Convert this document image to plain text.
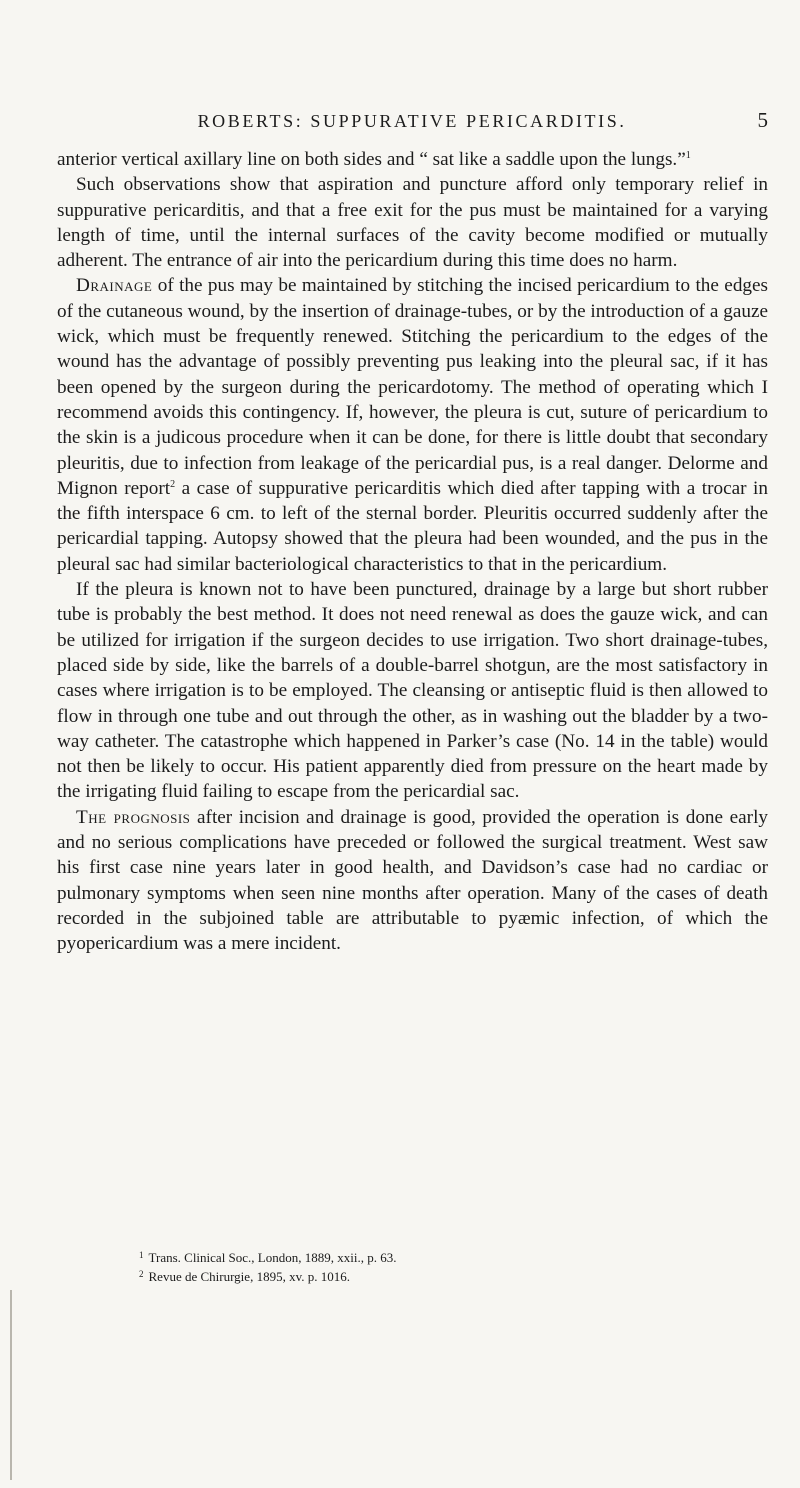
ROBERTS: SUPPURATIVE PERICARDITIS.	5

anterior vertical axillary line on both sides and “ sat like a saddle upon the lungs.”$^1$

Such observations show that aspiration and puncture afford only temporary relief in suppurative pericarditis, and that a free exit for the pus must be maintained for a varying length of time, until the internal surfaces of the cavity become modified or mutually adherent. The entrance of air into the pericardium during this time does no harm.

Drainage of the pus may be maintained by stitching the incised pericardium to the edges of the cutaneous wound, by the insertion of drainage-tubes, or by the introduction of a gauze wick, which must be frequently renewed. Stitching the pericardium to the edges of the wound has the advantage of possibly preventing pus leaking into the pleural sac, if it has been opened by the surgeon during the pericardotomy. The method of operating which I recommend avoids this contingency. If, however, the pleura is cut, suture of pericardium to the skin is a judicous procedure when it can be done, for there is little doubt that secondary pleuritis, due to infection from leakage of the pericardial pus, is a real danger. Delorme and Mignon report$^2$ a case of suppurative pericarditis which died after tapping with a trocar in the fifth interspace 6 cm. to left of the sternal border. Pleuritis occurred suddenly after the pericardial tapping. Autopsy showed that the pleura had been wounded, and the pus in the pleural sac had similar bacteriological characteristics to that in the pericardium.

If the pleura is known not to have been punctured, drainage by a large but short rubber tube is probably the best method. It does not need renewal as does the gauze wick, and can be utilized for irrigation if the surgeon decides to use irrigation. Two short drainage-tubes, placed side by side, like the barrels of a double-barrel shotgun, are the most satisfactory in cases where irrigation is to be employed. The cleansing or antiseptic fluid is then allowed to flow in through one tube and out through the other, as in washing out the bladder by a two-way catheter. The catastrophe which happened in Parker’s case (No. 14 in the table) would not then be likely to occur. His patient apparently died from pressure on the heart made by the irrigating fluid failing to escape from the pericardial sac.

The prognosis after incision and drainage is good, provided the operation is done early and no serious complications have preceded or followed the surgical treatment. West saw his first case nine years later in good health, and Davidson’s case had no cardiac or pulmonary symptoms when seen nine months after operation. Many of the cases of death recorded in the subjoined table are attributable to pyæmic infection, of which the pyopericardium was a mere incident.

$^1$ Trans. Clinical Soc., London, 1889, xxii., p. 63.
$^2$ Revue de Chirurgie, 1895, xv. p. 1016.
